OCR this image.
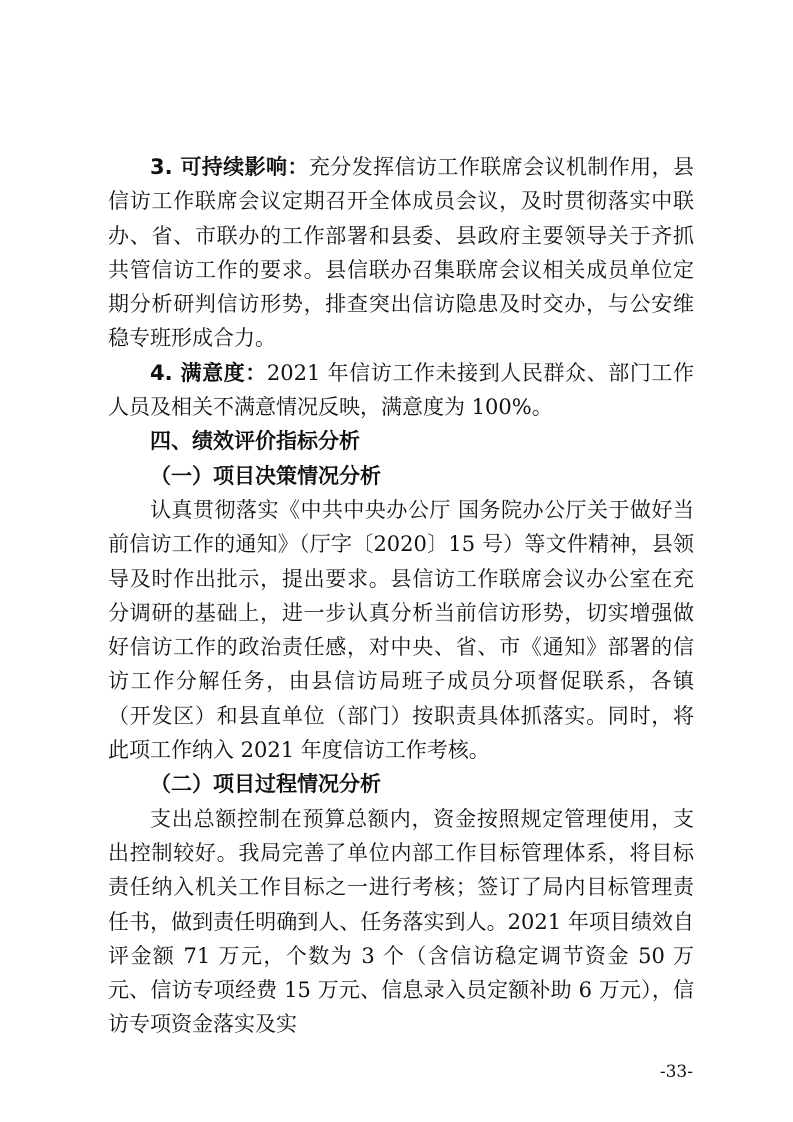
3. 可持续影响：充分发挥信访工作联席会议机制作用，县信访工作联席会议定期召开全体成员会议，及时贯彻落实中联办、省、市联办的工作部署和县委、县政府主要领导关于齐抓共管信访工作的要求。县信联办召集联席会议相关成员单位定期分析研判信访形势，排查突出信访隐患及时交办，与公安维稳专班形成合力。

4. 满意度：2021 年信访工作未接到人民群众、部门工作人员及相关不满意情况反映，满意度为 100%。

四、绩效评价指标分析

（一）项目决策情况分析

认真贯彻落实《中共中央办公厅 国务院办公厅关于做好当前信访工作的通知》（厅字〔2020〕15 号）等文件精神，县领导及时作出批示，提出要求。县信访工作联席会议办公室在充分调研的基础上，进一步认真分析当前信访形势，切实增强做好信访工作的政治责任感，对中央、省、市《通知》部署的信访工作分解任务，由县信访局班子成员分项督促联系，各镇（开发区）和县直单位（部门）按职责具体抓落实。同时，将此项工作纳入 2021 年度信访工作考核。

（二）项目过程情况分析

支出总额控制在预算总额内，资金按照规定管理使用，支出控制较好。我局完善了单位内部工作目标管理体系，将目标责任纳入机关工作目标之一进行考核；签订了局内目标管理责任书，做到责任明确到人、任务落实到人。2021 年项目绩效自评金额 71 万元，个数为 3 个（含信访稳定调节资金 50 万元、信访专项经费 15 万元、信息录入员定额补助 6 万元），信访专项资金落实及实

-33-
